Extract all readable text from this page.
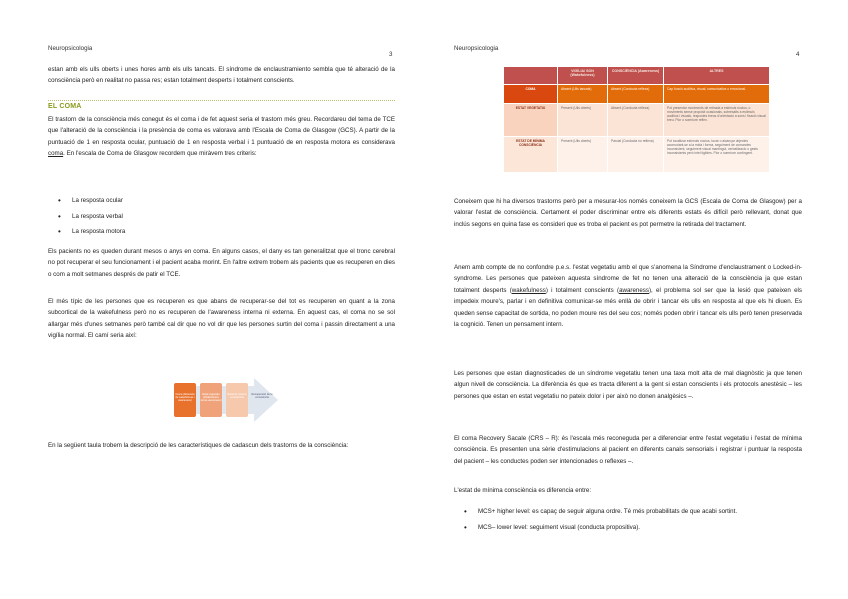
Neuropsicologia
3

estan amb els ulls oberts i unes hores amb els ulls tancats. El síndrome de enclaustramiento sembla que té alteració de la consciència però en realitat no passa res; estan totalment desperts i totalment conscients.

EL COMA

El trastorn de la consciència més conegut és el coma i de fet aquest seria el trastorn més greu. Recordareu del tema de TCE que l'alteració de la consciència i la presència de coma es valorava amb l'Escala de Coma de Glasgow (GCS). A partir de la puntuació de 1 en resposta ocular, puntuació de 1 en resposta verbal i 1 puntuació de en resposta motora es considerava coma. En l'escala de Coma de Glasgow recordem que miràvem tres criteris:

• La resposta ocular
• La resposta verbal
• La resposta motora

Els pacients no es queden durant mesos o anys en coma. En alguns casos, el dany es tan generalitzat que el tronc cerebral no pot recuperar el seu funcionament i el pacient acaba morint. En l'altre extrem trobem als pacients que es recuperen en dies o com a molt setmanes després de patir el TCE.

El més típic de les persones que es recuperen es que abans de recuperar-se del tot es recuperen en quant a la zona subcortical de la wakefulness però no es recuperen de l'awareness interna ni externa. En aquest cas, el coma no se sol allargar més d'unes setmanes però també cal dir que no vol dir que les persones surtin del coma i passin directament a una vigília normal. El camí seria així:

Coma (Absència de wakefulness i awareness)
Estat vegetatiu (Wakefulness sense awareness)
Estat de mínima consciència
Recuperació de la consciència

En la següent taula trobem la descripció de les característiques de cadascun dels trastorns de la consciència:

Neuropsicologia
4
	VIGÍLIA/ SON (Wakefulness)	CONSCIÈNCIA (Awareness)	ALTRES
COMA	Absent (Ulls tancats)	Absent (Conducta reflexa)	Cap funció auditiva, visual, comunicativa o emocional.
ESTAT VEGETATIU	Present (Ulls oberts)	Absent (Conducta reflexa)	Pot presentar moviments de retirada a estímuls nocius, o moviments sense propòsit ocasionals, sobresalts a estímuls auditius i visuals, respostes breus d'orientació a sons i fixació visual breu. Plor o somriure reflex.
ESTAT DE MÍNIMA CONSCIÈNCIA	Present (Ulls oberts)	Parcial (Conducta no reflexa)	Pot localitzar estímuls nocius, tocar o alcançar objectes acomodant-se a la mida i forma, seguiment de comandes inconsistent, seguiment visual mantingut, verbalització o gests inconsistents però intel·ligibles. Plor o somriure contingent.

Coneixem que hi ha diversos trastorns però per a mesurar-los només coneixem la GCS (Escala de Coma de Glasgow) per a valorar l'estat de consciència. Certament el poder discriminar entre els diferents estats és difícil però rellevant, donat que inclús segons en quina fase es consideri que es troba el pacient es pot permetre la retirada del tractament.

Anem amb compte de no confondre p.e.s. l'estat vegetatiu amb el que s'anomena la Síndrome d'enclaustrament o Locked-in-syndrome. Les persones que pateixen aquesta síndrome de fet no tenen una alteració de la consciència ja que estan totalment desperts (wakefulness) i totalment conscients (awareness), el problema sol ser que la lesió que pateixen els impedeix moure's, parlar i en definitiva comunicar-se més enllà de obrir i tancar els ulls en resposta al que els hi diuen. Es queden sense capacitat de sortida, no poden moure res del seu cos; només poden obrir i tancar els ulls però tenen preservada la cognició. Tenen un pensament intern.

Les persones que estan diagnosticades de un síndrome vegetatiu tenen una taxa molt alta de mal diagnòstic ja que tenen algun nivell de consciència. La diferència és que es tracta diferent a la gent si estan conscients i els protocols anestèsic – les persones que estan en estat vegetatiu no pateix dolor i per això no donen analgèsics –.

El coma Recovery Sacale (CRS – R): és l'escala més reconeguda per a diferenciar entre l'estat vegetatiu i l'estat de mínima consciència. Es presenten una sèrie d'estimulacions al pacient en diferents canals sensorials i registrar i puntuar la resposta del pacient – les conductes poden ser intencionades o reflexes –.

L'estat de mínima consciència es diferencia entre:

• MCS+ higher level: es capaç de seguir alguna ordre. Té més probabilitats de que acabi sortint.
• MCS– lower level: seguiment visual (conducta propositiva).
